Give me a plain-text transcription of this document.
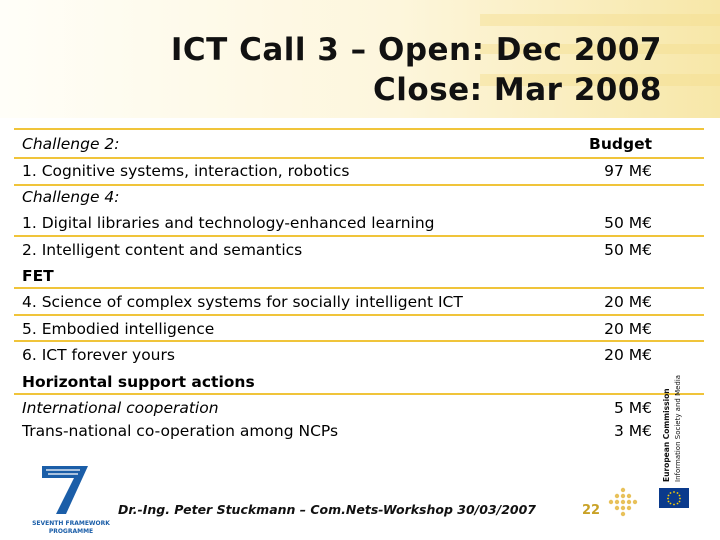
ICT Call 3 – Open: Dec 2007
Close: Mar 2008
Challenge 2:	Budget
1. Cognitive systems, interaction, robotics	97 M€
Challenge 4:
1. Digital libraries and technology-enhanced learning	50 M€
2. Intelligent content and semantics	50 M€
FET
4. Science of complex systems for socially intelligent ICT	20 M€
5. Embodied intelligence	20 M€
6. ICT forever yours	20 M€
Horizontal support actions
International cooperation	5 M€
Trans-national co-operation among NCPs	3 M€ European Commission Information Society and Media
SEVENTH FRAMEWORK
PROGRAMME
Dr.-Ing. Peter Stuckmann – Com.Nets-Workshop 30/03/2007	22
